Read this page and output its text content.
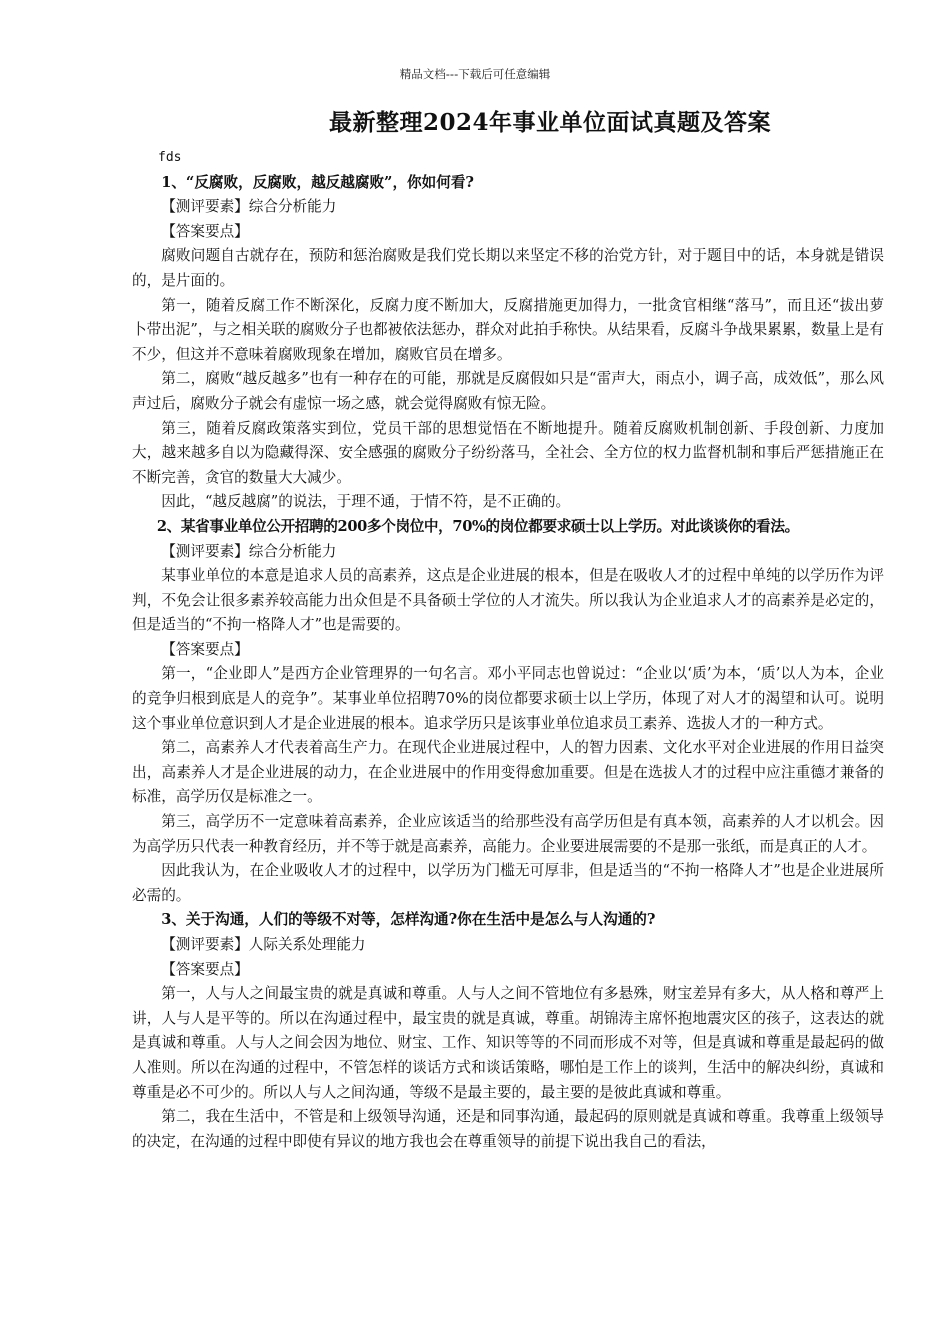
精品文档---下载后可任意编辑
最新整理2024年事业单位面试真题及答案

fds

1、“反腐败，反腐败，越反越腐败”，你如何看?

【测评要素】综合分析能力

【答案要点】

腐败问题自古就存在，预防和惩治腐败是我们党长期以来坚定不移的治党方针，对于题目中的话，本身就是错误的，是片面的。

第一，随着反腐工作不断深化，反腐力度不断加大，反腐措施更加得力，一批贪官相继“落马”，而且还“拔出萝卜带出泥”，与之相关联的腐败分子也都被依法惩办，群众对此拍手称快。从结果看，反腐斗争战果累累，数量上是有不少，但这并不意味着腐败现象在增加，腐败官员在增多。

第二，腐败“越反越多”也有一种存在的可能，那就是反腐假如只是“雷声大，雨点小，调子高，成效低”，那么风声过后，腐败分子就会有虚惊一场之感，就会觉得腐败有惊无险。

第三，随着反腐政策落实到位，党员干部的思想觉悟在不断地提升。随着反腐败机制创新、手段创新、力度加大，越来越多自以为隐藏得深、安全感强的腐败分子纷纷落马，全社会、全方位的权力监督机制和事后严惩措施正在不断完善，贪官的数量大大减少。

因此，“越反越腐”的说法，于理不通，于情不符，是不正确的。

2、某省事业单位公开招聘的200多个岗位中，70%的岗位都要求硕士以上学历。对此谈谈你的看法。

【测评要素】综合分析能力

某事业单位的本意是追求人员的高素养，这点是企业进展的根本，但是在吸收人才的过程中单纯的以学历作为评判，不免会让很多素养较高能力出众但是不具备硕士学位的人才流失。所以我认为企业追求人才的高素养是必定的，但是适当的“不拘一格降人才”也是需要的。

【答案要点】

第一，“企业即人”是西方企业管理界的一句名言。邓小平同志也曾说过：“企业以‘质’为本，‘质’以人为本，企业的竞争归根到底是人的竞争”。某事业单位招聘70%的岗位都要求硕士以上学历，体现了对人才的渴望和认可。说明这个事业单位意识到人才是企业进展的根本。追求学历只是该事业单位追求员工素养、选拔人才的一种方式。

第二，高素养人才代表着高生产力。在现代企业进展过程中，人的智力因素、文化水平对企业进展的作用日益突出，高素养人才是企业进展的动力，在企业进展中的作用变得愈加重要。但是在选拔人才的过程中应注重德才兼备的标准，高学历仅是标准之一。

第三，高学历不一定意味着高素养，企业应该适当的给那些没有高学历但是有真本领，高素养的人才以机会。因为高学历只代表一种教育经历，并不等于就是高素养，高能力。企业要进展需要的不是那一张纸，而是真正的人才。

因此我认为，在企业吸收人才的过程中，以学历为门槛无可厚非，但是适当的“不拘一格降人才”也是企业进展所必需的。

3、关于沟通，人们的等级不对等，怎样沟通?你在生活中是怎么与人沟通的?

【测评要素】人际关系处理能力

【答案要点】

第一，人与人之间最宝贵的就是真诚和尊重。人与人之间不管地位有多悬殊，财宝差异有多大，从人格和尊严上讲，人与人是平等的。所以在沟通过程中，最宝贵的就是真诚，尊重。胡锦涛主席怀抱地震灾区的孩子，这表达的就是真诚和尊重。人与人之间会因为地位、财宝、工作、知识等等的不同而形成不对等，但是真诚和尊重是最起码的做人准则。所以在沟通的过程中，不管怎样的谈话方式和谈话策略，哪怕是工作上的谈判，生活中的解决纠纷，真诚和尊重是必不可少的。所以人与人之间沟通，等级不是最主要的，最主要的是彼此真诚和尊重。

第二，我在生活中，不管是和上级领导沟通，还是和同事沟通，最起码的原则就是真诚和尊重。我尊重上级领导的决定，在沟通的过程中即使有异议的地方我也会在尊重领导的前提下说出我自己的看法，
